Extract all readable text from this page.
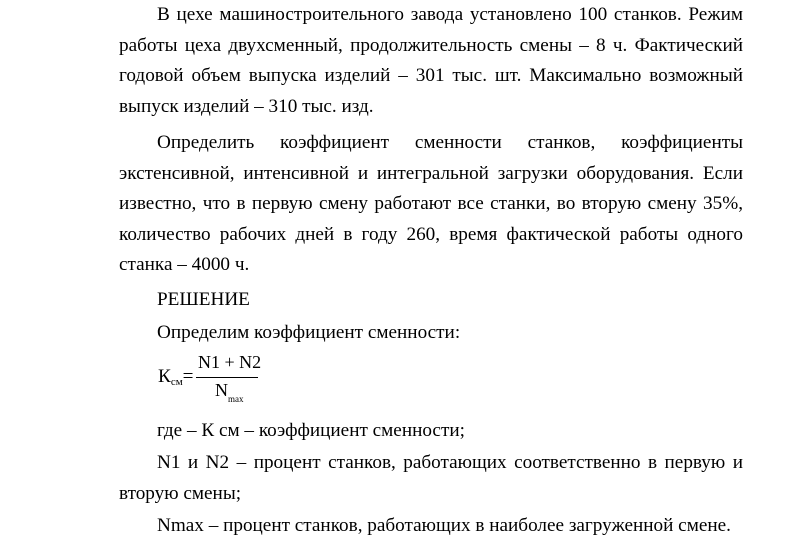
В цехе машиностроительного завода установлено 100 станков. Режим работы цеха двухсменный, продолжительность смены – 8 ч. Фактический годовой объем выпуска изделий – 301 тыс. шт. Максимально возможный выпуск изделий – 310 тыс. изд.

Определить коэффициент сменности станков, коэффициенты экстенсивной, интенсивной и интегральной загрузки оборудования. Если известно, что в первую смену работают все станки, во вторую смену 35%, количество рабочих дней в году 260, время фактической работы одного станка – 4000 ч.

РЕШЕНИЕ

Определим коэффициент сменности:

$К_{см}=$
N1 + N2
$N_{max}$

где – К см – коэффициент сменности;

N1 и N2 – процент станков, работающих соответственно в первую и вторую смены;

Nmax – процент станков, работающих в наиболее загруженной смене.
